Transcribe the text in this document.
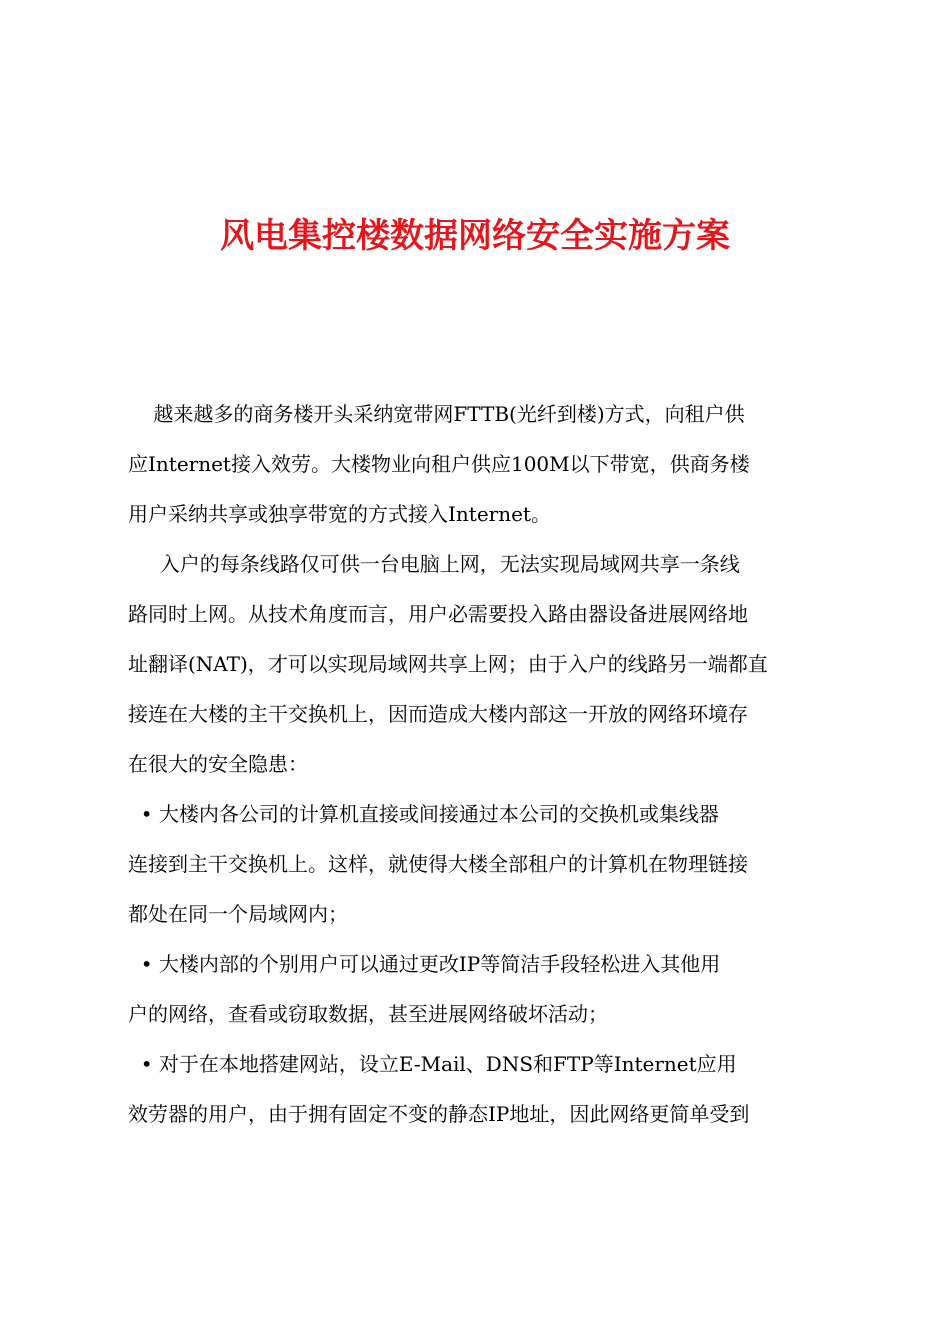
风电集控楼数据网络安全实施方案
越来越多的商务楼开头采纳宽带网FTTB(光纤到楼)方式，向租户供
应Internet接入效劳。大楼物业向租户供应100M以下带宽，供商务楼
用户采纳共享或独享带宽的方式接入Internet。
入户的每条线路仅可供一台电脑上网，无法实现局域网共享一条线
路同时上网。从技术角度而言，用户必需要投入路由器设备进展网络地
址翻译(NAT)，才可以实现局域网共享上网；由于入户的线路另一端都直
接连在大楼的主干交换机上，因而造成大楼内部这一开放的网络环境存
在很大的安全隐患：
• 大楼内各公司的计算机直接或间接通过本公司的交换机或集线器
连接到主干交换机上。这样，就使得大楼全部租户的计算机在物理链接
都处在同一个局域网内；
• 大楼内部的个别用户可以通过更改IP等简洁手段轻松进入其他用
户的网络，查看或窃取数据，甚至进展网络破坏活动；
• 对于在本地搭建网站，设立E-Mail、DNS和FTP等Internet应用
效劳器的用户，由于拥有固定不变的静态IP地址，因此网络更简单受到
